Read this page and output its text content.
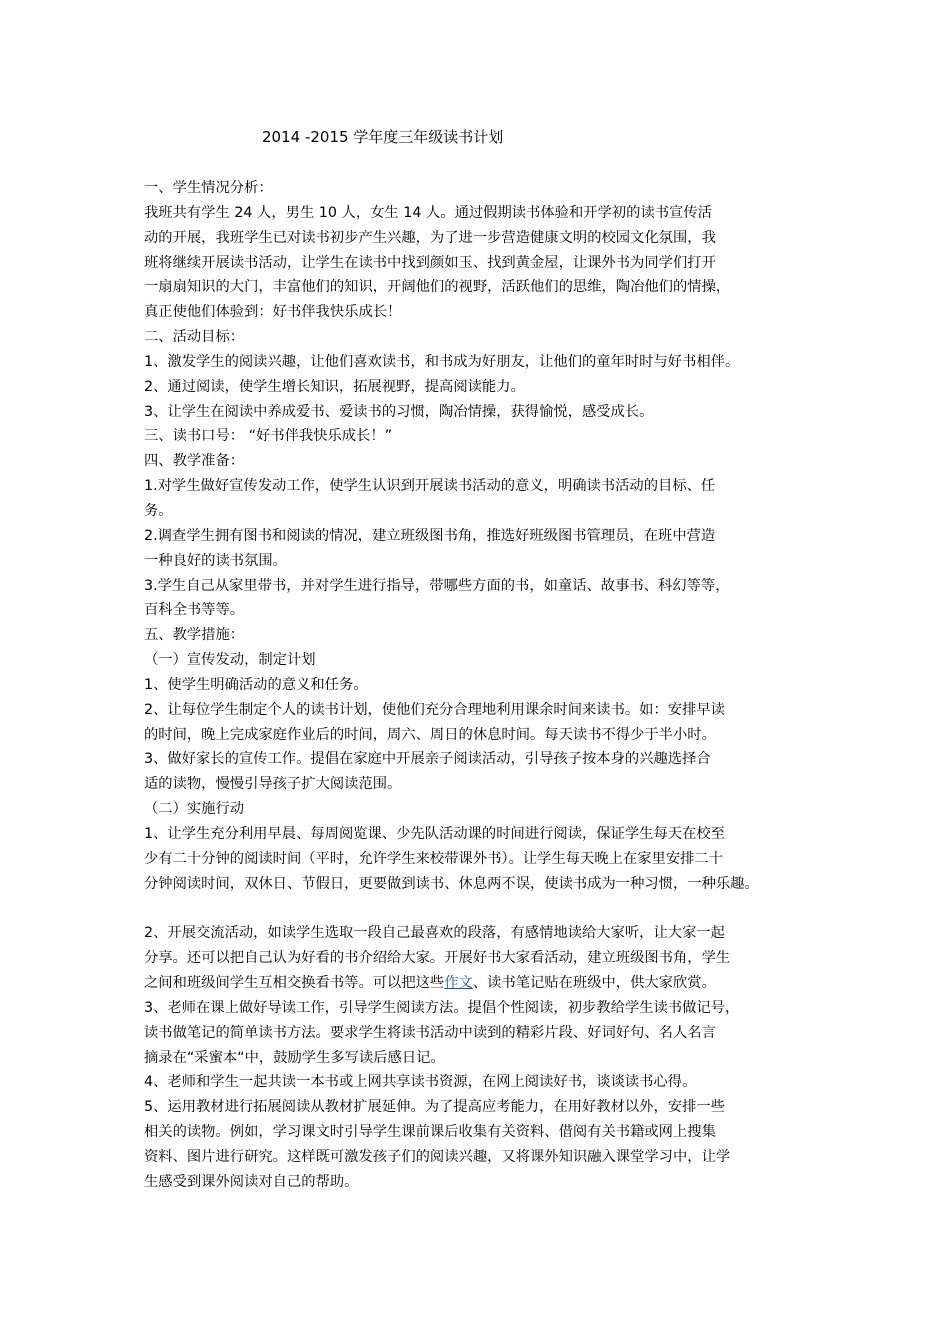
2014 -2015 学年度三年级读书计划
一、学生情况分析：
我班共有学生 24 人，男生 10 人，女生 14 人。通过假期读书体验和开学初的读书宣传活
动的开展，我班学生已对读书初步产生兴趣，为了进一步营造健康文明的校园文化氛围，我
班将继续开展读书活动，让学生在读书中找到颜如玉、找到黄金屋，让课外书为同学们打开
一扇扇知识的大门，丰富他们的知识，开阔他们的视野，活跃他们的思维，陶冶他们的情操，
真正使他们体验到：好书伴我快乐成长！
二、活动目标：
1、激发学生的阅读兴趣，让他们喜欢读书，和书成为好朋友，让他们的童年时时与好书相伴。
2、通过阅读，使学生增长知识，拓展视野，提高阅读能力。
3、让学生在阅读中养成爱书、爱读书的习惯，陶冶情操，获得愉悦，感受成长。
三、读书口号： “好书伴我快乐成长！”
四、教学准备：
1.对学生做好宣传发动工作，使学生认识到开展读书活动的意义，明确读书活动的目标、任
务。
2.调查学生拥有图书和阅读的情况，建立班级图书角，推选好班级图书管理员，在班中营造
一种良好的读书氛围。
3.学生自己从家里带书，并对学生进行指导，带哪些方面的书，如童话、故事书、科幻等等，
百科全书等等。
五、教学措施：
（一）宣传发动，制定计划
1、使学生明确活动的意义和任务。
2、让每位学生制定个人的读书计划，使他们充分合理地利用课余时间来读书。如：安排早读
的时间，晚上完成家庭作业后的时间，周六、周日的休息时间。每天读书不得少于半小时。
3、做好家长的宣传工作。提倡在家庭中开展亲子阅读活动，引导孩子按本身的兴趣选择合
适的读物，慢慢引导孩子扩大阅读范围。
（二）实施行动
1、让学生充分利用早晨、每周阅览课、少先队活动课的时间进行阅读，保证学生每天在校至
少有二十分钟的阅读时间（平时，允许学生来校带课外书）。让学生每天晚上在家里安排二十
分钟阅读时间，双休日、节假日，更要做到读书、休息两不误，使读书成为一种习惯，一种乐趣。
2、开展交流活动，如读学生选取一段自己最喜欢的段落，有感情地读给大家听，让大家一起
分享。还可以把自己认为好看的书介绍给大家。开展好书大家看活动，建立班级图书角，学生
之间和班级间学生互相交换看书等。可以把这些作文、读书笔记贴在班级中，供大家欣赏。
3、老师在课上做好导读工作，引导学生阅读方法。提倡个性阅读，初步教给学生读书做记号，
读书做笔记的简单读书方法。要求学生将读书活动中读到的精彩片段、好词好句、名人名言
摘录在“采蜜本“中，鼓励学生多写读后感日记。
4、老师和学生一起共读一本书或上网共享读书资源，在网上阅读好书，谈谈读书心得。
5、运用教材进行拓展阅读从教材扩展延伸。为了提高应考能力，在用好教材以外，安排一些
相关的读物。例如，学习课文时引导学生课前课后收集有关资料、借阅有关书籍或网上搜集
资料、图片进行研究。这样既可激发孩子们的阅读兴趣，又将课外知识融入课堂学习中，让学
生感受到课外阅读对自己的帮助。
